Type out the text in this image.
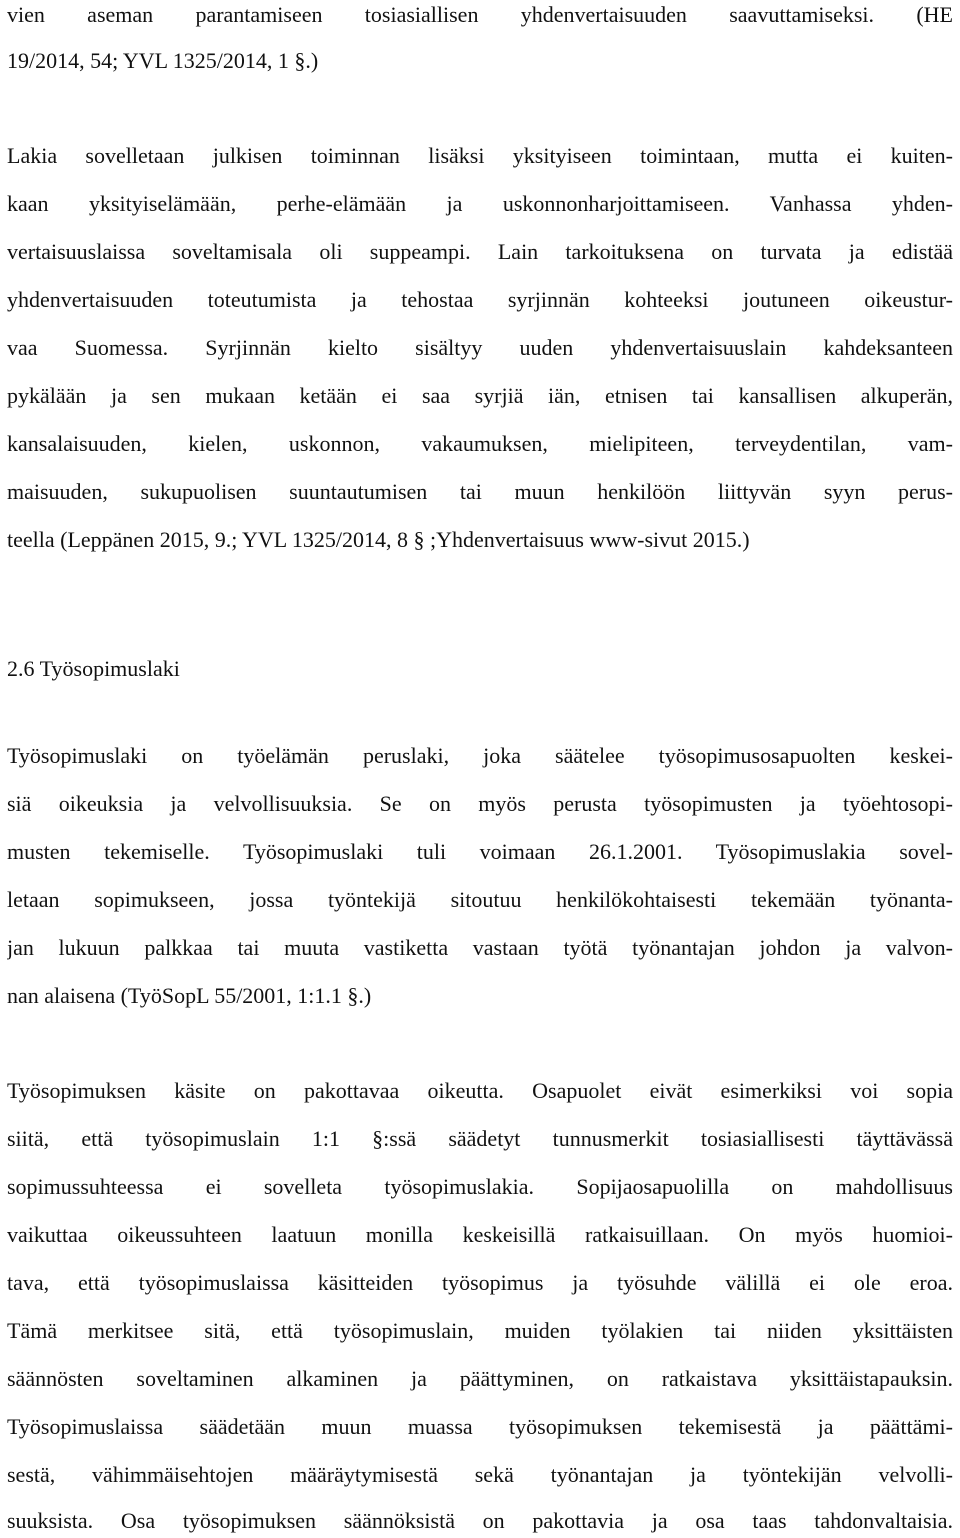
vien aseman parantamiseen tosiasiallisen yhdenvertaisuuden saavuttamiseksi. (HE
19/2014, 54; YVL 1325/2014, 1 §.)
Lakia sovelletaan julkisen toiminnan lisäksi yksityiseen toimintaan, mutta ei kuiten-
kaan yksityiselämään, perhe-elämään ja uskonnonharjoittamiseen. Vanhassa yhden-
vertaisuuslaissa soveltamisala oli suppeampi. Lain tarkoituksena on turvata ja edistää
yhdenvertaisuuden toteutumista ja tehostaa syrjinnän kohteeksi joutuneen oikeustur-
vaa Suomessa. Syrjinnän kielto sisältyy uuden yhdenvertaisuuslain kahdeksanteen
pykälään ja sen mukaan ketään ei saa syrjiä iän, etnisen tai kansallisen alkuperän,
kansalaisuuden, kielen, uskonnon, vakaumuksen, mielipiteen, terveydentilan, vam-
maisuuden, sukupuolisen suuntautumisen tai muun henkilöön liittyvän syyn perus-
teella (Leppänen 2015, 9.; YVL 1325/2014, 8 § ;Yhdenvertaisuus www-sivut 2015.)
2.6 Työsopimuslaki
Työsopimuslaki on työelämän peruslaki, joka säätelee työsopimusosapuolten keskei-
siä oikeuksia ja velvollisuuksia. Se on myös perusta työsopimusten ja työehtosopi-
musten tekemiselle. Työsopimuslaki tuli voimaan 26.1.2001. Työsopimuslakia sovel-
letaan sopimukseen, jossa työntekijä sitoutuu henkilökohtaisesti tekemään työnanta-
jan lukuun palkkaa tai muuta vastiketta vastaan työtä työnantajan johdon ja valvon-
nan alaisena (TyöSopL 55/2001, 1:1.1 §.)
Työsopimuksen käsite on pakottavaa oikeutta. Osapuolet eivät esimerkiksi voi sopia
siitä, että työsopimuslain 1:1 §:ssä säädetyt tunnusmerkit tosiasiallisesti täyttävässä
sopimussuhteessa ei sovelleta työsopimuslakia. Sopijaosapuolilla on mahdollisuus
vaikuttaa oikeussuhteen laatuun monilla keskeisillä ratkaisuillaan. On myös huomioi-
tava, että työsopimuslaissa käsitteiden työsopimus ja työsuhde välillä ei ole eroa.
Tämä merkitsee sitä, että työsopimuslain, muiden työlakien tai niiden yksittäisten
säännösten soveltaminen alkaminen ja päättyminen, on ratkaistava yksittäistapauksin.
Työsopimuslaissa säädetään muun muassa työsopimuksen tekemisestä ja päättämi-
sestä, vähimmäisehtojen määräytymisestä sekä työnantajan ja työntekijän velvolli-
suuksista. Osa työsopimuksen säännöksistä on pakottavia ja osa taas tahdonvaltaisia.
